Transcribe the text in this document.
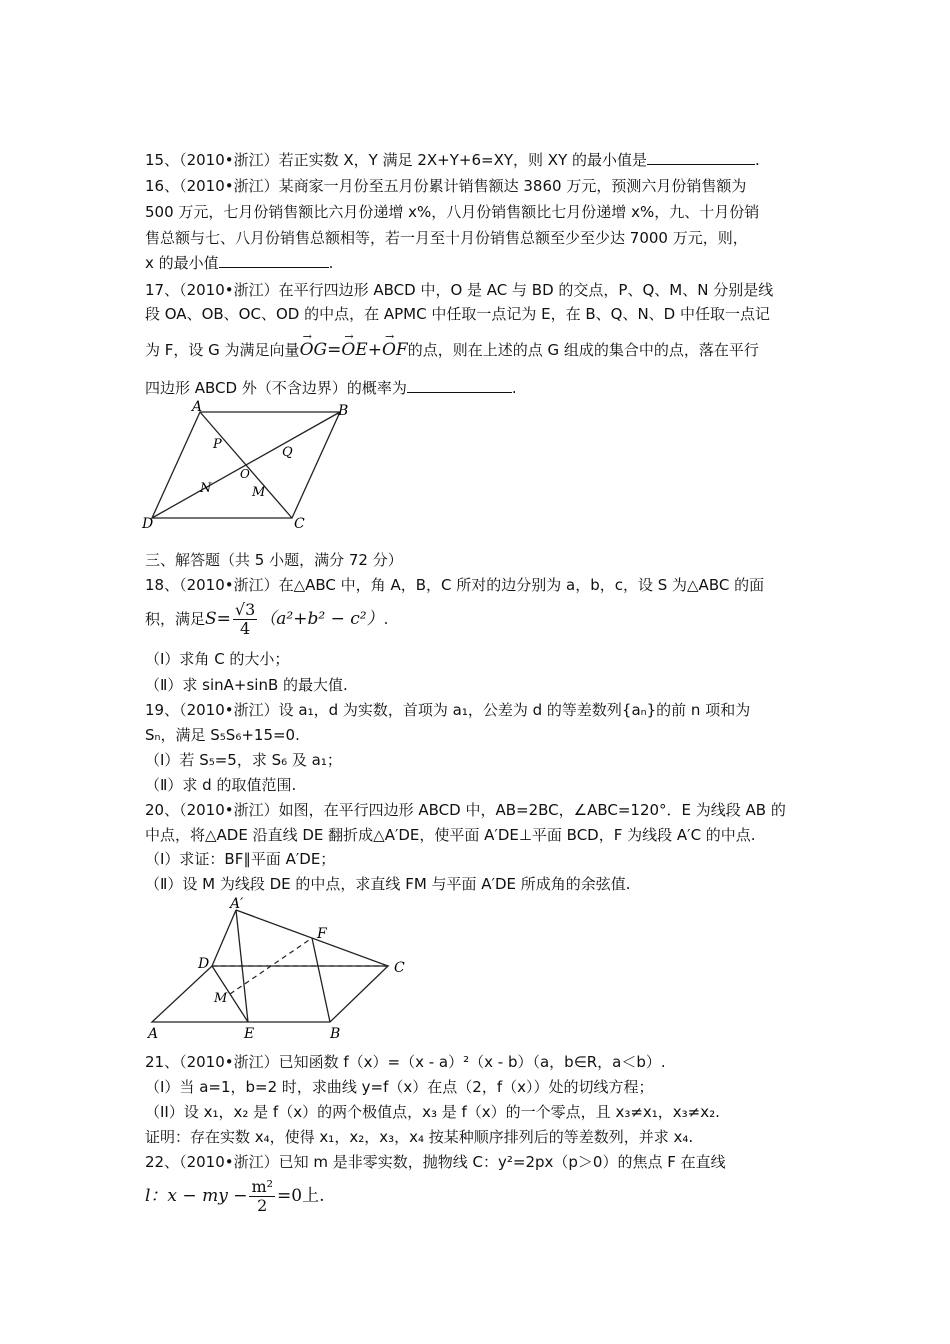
15、（2010•浙江）若正实数 X，Y 满足 2X+Y+6=XY，则 XY 的最小值是	.
16、（2010•浙江）某商家一月份至五月份累计销售额达 3860 万元，预测六月份销售额为
500 万元，七月份销售额比六月份递增 x%，八月份销售额比七月份递增 x%，九、十月份销
售总额与七、八月份销售总额相等，若一月至十月份销售总额至少至少达 7000 万元，则，
x 的最小值	.
17、（2010•浙江）在平行四边形 ABCD 中，O 是 AC 与 BD 的交点，P、Q、M、N 分别是线
段 OA、OB、OC、OD 的中点，在 APMC 中任取一点记为 E，在 B、Q、N、D 中任取一点记
为 F，设 G 为满足向量→ OG=→ OE+→ OF的点，则在上述的点 G 组成的集合中的点，落在平行
四边形 ABCD 外（不含边界）的概率为	.
A	B
C
D
P
Q
M
N
O
三、解答题（共 5 小题，满分 72 分）
18、（2010•浙江）在△ABC 中，角 A，B，C 所对的边分别为 a，b，c，设 S 为△ABC 的面
积，满足$S= \frac{√3}{4} (a^2+b^2 - c^2)$.
（Ⅰ）求角 C 的大小；
（Ⅱ）求 sinA+sinB 的最大值.
19、（2010•浙江）设 a₁，d 为实数，首项为 a₁，公差为 d 的等差数列{aₙ}的前 n 项和为
Sₙ，满足 S₅S₆+15=0.
（Ⅰ）若 S₅=5，求 S₆ 及 a₁；
（Ⅱ）求 d 的取值范围.
20、（2010•浙江）如图，在平行四边形 ABCD 中，AB=2BC，∠ABC=120°．E 为线段 AB 的
中点，将△ADE 沿直线 DE 翻折成△A′DE，使平面 A′DE⊥平面 BCD，F 为线段 A′C 的中点.
（Ⅰ）求证：BF∥平面 A′DE；
（Ⅱ）设 M 为线段 DE 的中点，求直线 FM 与平面 A′DE 所成角的余弦值.
A′
F
D	C
M
A	E	B
21、（2010•浙江）已知函数 f（x）=（x - a）²（x - b）（a，b∈R，a＜b）.
（I）当 a=1，b=2 时，求曲线 y=f（x）在点（2，f（x））处的切线方程；
（II）设 x₁，x₂ 是 f（x）的两个极值点，x₃ 是 f（x）的一个零点，且 x₃≠x₁，x₃≠x₂.
证明：存在实数 x₄，使得 x₁，x₂，x₃，x₄ 按某种顺序排列后的等差数列，并求 x₄.
22、（2010•浙江）已知 m 是非零实数，抛物线 C：y²=2px（p＞0）的焦点 F 在直线
l：x − my − $\frac{\text{m²}}{2} =0$上.
